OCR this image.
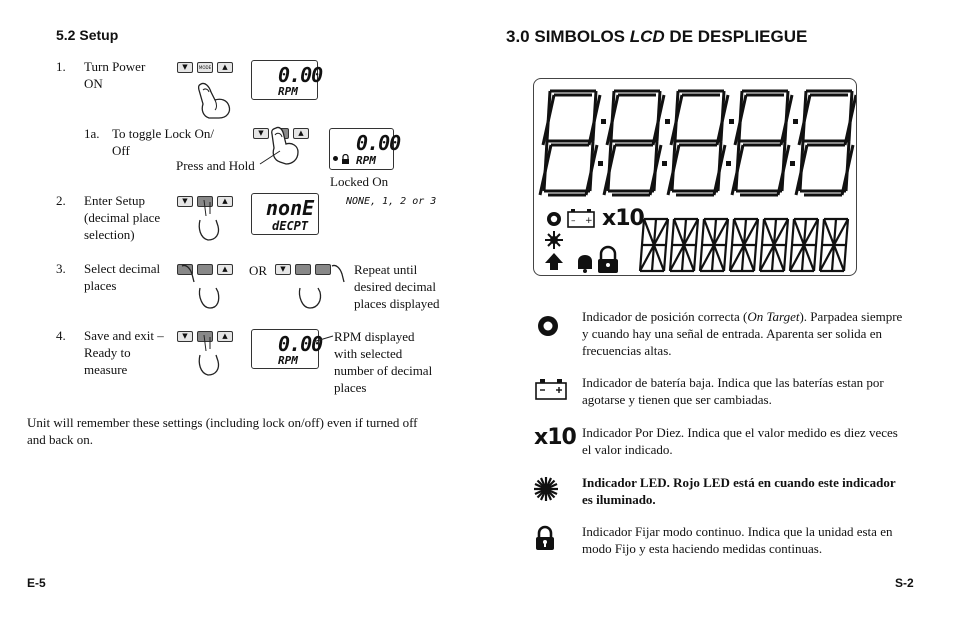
5.2 Setup
1. Turn Power
ON
▼	MODE	▲	0.00
RPM
1a. To toggle Lock On/
Off
▼	▲
Press and Hold
0.00
RPM
Locked On
2. Enter Setup
(decimal place
selection)
▼	▲ nonE
dECPT
NONE, 1, 2 or 3
3. Select decimal
places
▲	OR	▼	Repeat until
desired decimal
places displayed
4. Save and exit –
Ready to
measure
▼	▲	0.00
RPM
RPM displayed
with selected
number of decimal
places
Unit will remember these settings (including lock on/off) even if turned off
and back on.
E-5
3.0 SIMBOLOS LCD DE DESPLIEGUE
– + x10
Indicador de posición correcta (On Target). Parpadea siempre
y cuando hay una señal de entrada. Aparenta ser solida en
frecuencias altas.
Indicador de batería baja. Indica que las baterías estan por
agotarse y tienen que ser cambiadas.
x10 Indicador Por Diez. Indica que el valor medido es diez veces
el valor indicado.
Indicador LED. Rojo LED está en cuando este indicador
es iluminado.
Indicador Fijar modo continuo. Indica que la unidad esta en
modo Fijo y esta haciendo medidas continuas.
S-2
